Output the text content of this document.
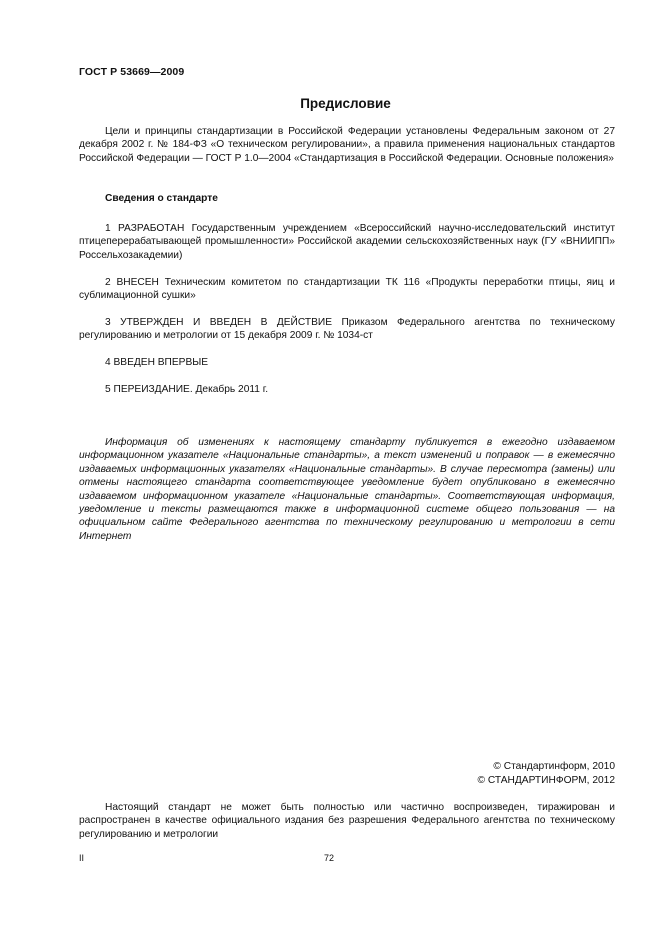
ГОСТ Р 53669—2009
Предисловие

Цели и принципы стандартизации в Российской Федерации установлены Федеральным законом от 27 декабря 2002 г. № 184-ФЗ «О техническом регулировании», а правила применения национальных стандартов Российской Федерации — ГОСТ Р 1.0—2004 «Стандартизация в Российской Федерации. Основные положения»

Сведения о стандарте

1 РАЗРАБОТАН Государственным учреждением «Всероссийский научно-исследовательский институт птицеперерабатывающей промышленности» Российской академии сельскохозяйственных наук (ГУ «ВНИИПП» Россельхозакадемии)

2 ВНЕСЕН Техническим комитетом по стандартизации ТК 116 «Продукты переработки птицы, яиц и сублимационной сушки»

3 УТВЕРЖДЕН И ВВЕДЕН В ДЕЙСТВИЕ Приказом Федерального агентства по техническому регулированию и метрологии от 15 декабря 2009 г. № 1034-ст

4 ВВЕДЕН ВПЕРВЫЕ

5 ПЕРЕИЗДАНИЕ. Декабрь 2011 г.

Информация об изменениях к настоящему стандарту публикуется в ежегодно издаваемом информационном указателе «Национальные стандарты», а текст изменений и поправок — в ежемесячно издаваемых информационных указателях «Национальные стандарты». В случае пересмотра (замены) или отмены настоящего стандарта соответствующее уведомление будет опубликовано в ежемесячно издаваемом информационном указателе «Национальные стандарты». Соответствующая информация, уведомление и тексты размещаются также в информационной системе общего пользования — на официальном сайте Федерального агентства по техническому регулированию и метрологии в сети Интернет

© Стандартинформ, 2010
© СТАНДАРТИНФОРМ, 2012

Настоящий стандарт не может быть полностью или частично воспроизведен, тиражирован и распространен в качестве официального издания без разрешения Федерального агентства по техническому регулированию и метрологии

II	72
